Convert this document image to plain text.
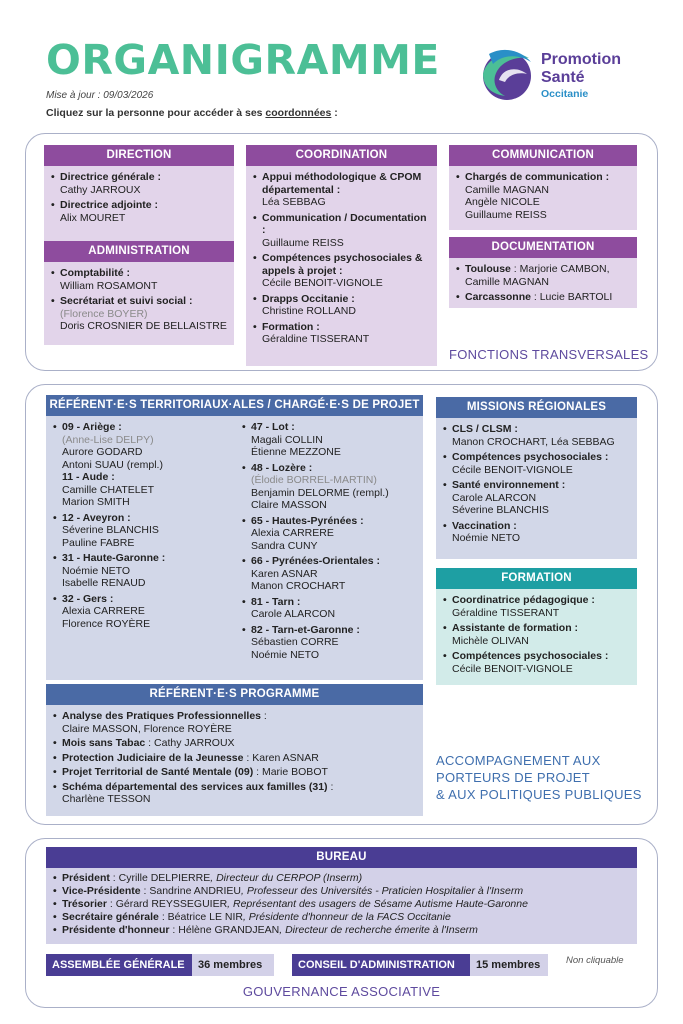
ORGANIGRAMME
Mise à jour : 09/03/2026
Cliquez sur la personne pour accéder à ses coordonnées :
Promotion
Santé
Occitanie
DIRECTION
• Directrice générale :
Cathy JARROUX
• Directrice adjointe :
Alix MOURET
ADMINISTRATION
• Comptabilité :
William ROSAMONT
• Secrétariat et suivi social :
(Florence BOYER)
Doris CROSNIER DE BELLAISTRE
COORDINATION
• Appui méthodologique & CPOM départemental :
Léa SEBBAG
• Communication / Documentation :
Guillaume REISS
• Compétences psychosociales & appels à projet :
Cécile BENOIT-VIGNOLE
• Drapps Occitanie :
Christine ROLLAND
• Formation :
Géraldine TISSERANT
COMMUNICATION
• Chargés de communication :
Camille MAGNAN
Angèle NICOLE
Guillaume REISS
DOCUMENTATION
• Toulouse : Marjorie CAMBON,
Camille MAGNAN
• Carcassonne : Lucie BARTOLI
FONCTIONS TRANSVERSALES
RÉFÉRENT·E·S TERRITORIAUX·ALES / CHARGÉ·E·S DE PROJET
• 09 - Ariège :
(Anne-Lise DELPY)
Aurore GODARD
Antoni SUAU (rempl.)
11 - Aude :
Camille CHATELET
Marion SMITH
• 12 - Aveyron :
Séverine BLANCHIS
Pauline FABRE
• 31 - Haute-Garonne :
Noémie NETO
Isabelle RENAUD
• 32 - Gers :
Alexia CARRERE
Florence ROYÈRE
• 47 - Lot :
Magali COLLIN
Étienne MEZZONE
• 48 - Lozère :
(Élodie BORREL-MARTIN)
Benjamin DELORME (rempl.)
Claire MASSON
• 65 - Hautes-Pyrénées :
Alexia CARRERE
Sandra CUNY
• 66 - Pyrénées-Orientales :
Karen ASNAR
Manon CROCHART
• 81 - Tarn :
Carole ALARCON
• 82 - Tarn-et-Garonne :
Sébastien CORRE
Noémie NETO
MISSIONS RÉGIONALES
• CLS / CLSM :
Manon CROCHART, Léa SEBBAG
• Compétences psychosociales :
Cécile BENOIT-VIGNOLE
• Santé environnement :
Carole ALARCON
Séverine BLANCHIS
• Vaccination :
Noémie NETO
FORMATION
• Coordinatrice pédagogique :
Géraldine TISSERANT
• Assistante de formation :
Michèle OLIVAN
• Compétences psychosociales :
Cécile BENOIT-VIGNOLE
RÉFÉRENT·E·S PROGRAMME
• Analyse des Pratiques Professionnelles :
Claire MASSON, Florence ROYÈRE
• Mois sans Tabac : Cathy JARROUX
• Protection Judiciaire de la Jeunesse : Karen ASNAR
• Projet Territorial de Santé Mentale (09) : Marie BOBOT
• Schéma départemental des services aux familles (31) :
Charlène TESSON
ACCOMPAGNEMENT AUX
PORTEURS DE PROJET
& AUX POLITIQUES PUBLIQUES
BUREAU
• Président : Cyrille DELPIERRE, Directeur du CERPOP (Inserm)
• Vice-Présidente : Sandrine ANDRIEU, Professeur des Universités - Praticien Hospitalier à l'Inserm
• Trésorier : Gérard REYSSEGUIER, Représentant des usagers de Sésame Autisme Haute-Garonne
• Secrétaire générale : Béatrice LE NIR, Présidente d'honneur de la FACS Occitanie
• Présidente d'honneur : Hélène GRANDJEAN, Directeur de recherche émerite à l'Inserm
ASSEMBLÉE GÉNÉRALE	36 membres	CONSEIL D'ADMINISTRATION	15 membres	Non cliquable
GOUVERNANCE ASSOCIATIVE
